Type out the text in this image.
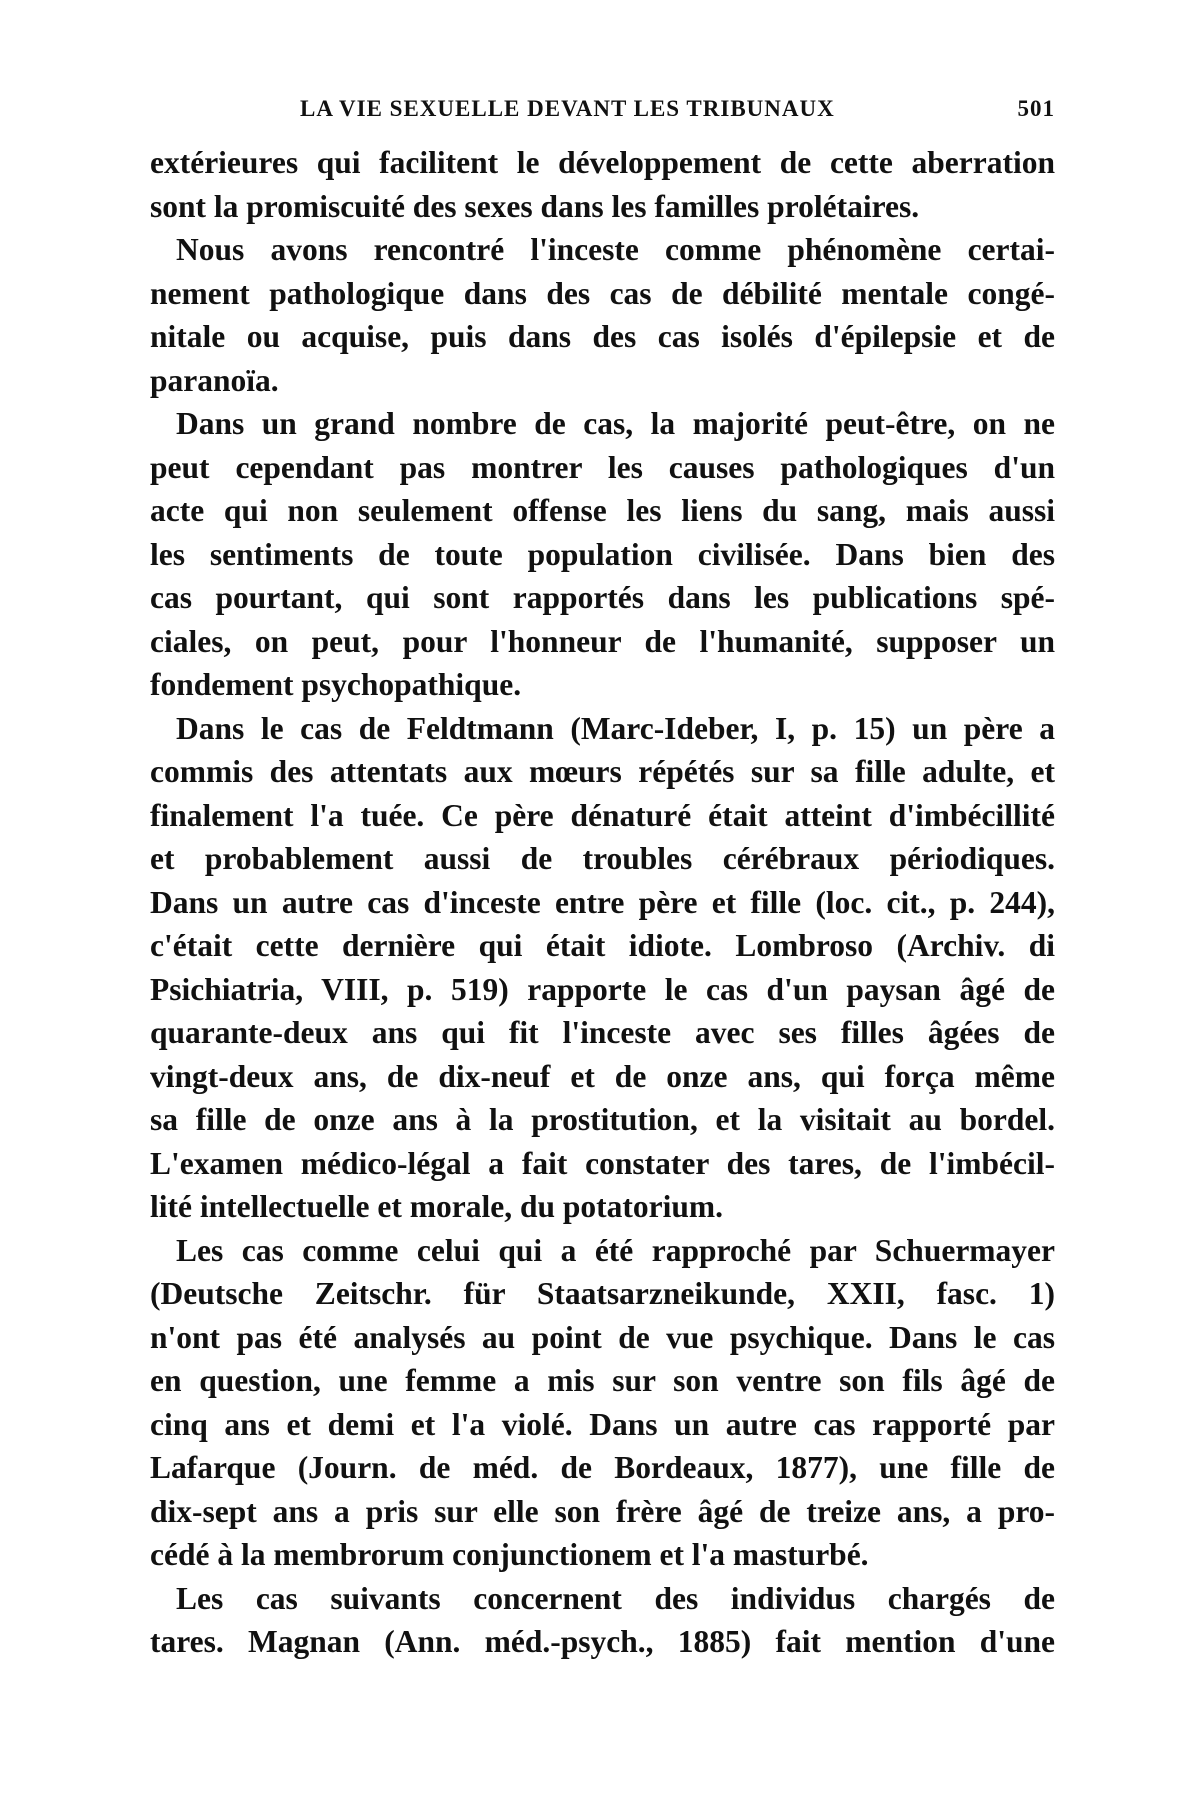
LA VIE SEXUELLE DEVANT LES TRIBUNAUX	501
extérieures qui facilitent le développement de cette aberration
sont la promiscuité des sexes dans les familles prolétaires.
Nous avons rencontré l'inceste comme phénomène certai-
nement pathologique dans des cas de débilité mentale congé-
nitale ou acquise, puis dans des cas isolés d'épilepsie et de
paranoïa.
Dans un grand nombre de cas, la majorité peut-être, on ne
peut cependant pas montrer les causes pathologiques d'un
acte qui non seulement offense les liens du sang, mais aussi
les sentiments de toute population civilisée. Dans bien des
cas pourtant, qui sont rapportés dans les publications spé-
ciales, on peut, pour l'honneur de l'humanité, supposer un
fondement psychopathique.
Dans le cas de Feldtmann (Marc-Ideber, I, p. 15) un père a
commis des attentats aux mœurs répétés sur sa fille adulte, et
finalement l'a tuée. Ce père dénaturé était atteint d'imbécillité
et probablement aussi de troubles cérébraux périodiques.
Dans un autre cas d'inceste entre père et fille (loc. cit., p. 244),
c'était cette dernière qui était idiote. Lombroso (Archiv. di
Psichiatria, VIII, p. 519) rapporte le cas d'un paysan âgé de
quarante-deux ans qui fit l'inceste avec ses filles âgées de
vingt-deux ans, de dix-neuf et de onze ans, qui força même
sa fille de onze ans à la prostitution, et la visitait au bordel.
L'examen médico-légal a fait constater des tares, de l'imbécil-
lité intellectuelle et morale, du potatorium.
Les cas comme celui qui a été rapproché par Schuermayer
(Deutsche Zeitschr. für Staatsarzneikunde, XXII, fasc. 1)
n'ont pas été analysés au point de vue psychique. Dans le cas
en question, une femme a mis sur son ventre son fils âgé de
cinq ans et demi et l'a violé. Dans un autre cas rapporté par
Lafarque (Journ. de méd. de Bordeaux, 1877), une fille de
dix-sept ans a pris sur elle son frère âgé de treize ans, a pro-
cédé à la membrorum conjunctionem et l'a masturbé.
Les cas suivants concernent des individus chargés de
tares. Magnan (Ann. méd.-psych., 1885) fait mention d'une
